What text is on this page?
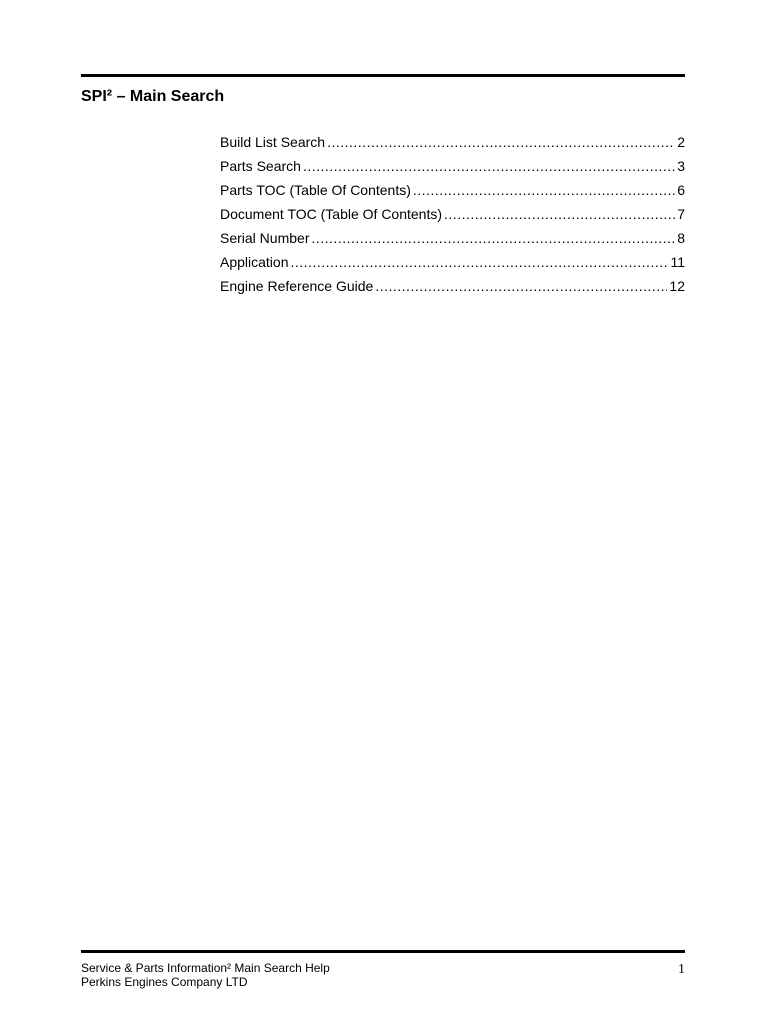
SPI² – Main Search
Build List Search .....	2
Parts Search .....	3
Parts TOC (Table Of Contents) .....	6
Document TOC (Table Of Contents) .....	7
Serial Number .....	8
Application .....	11
Engine Reference Guide .....	12
Service & Parts Information² Main Search Help
Perkins Engines Company LTD
1
